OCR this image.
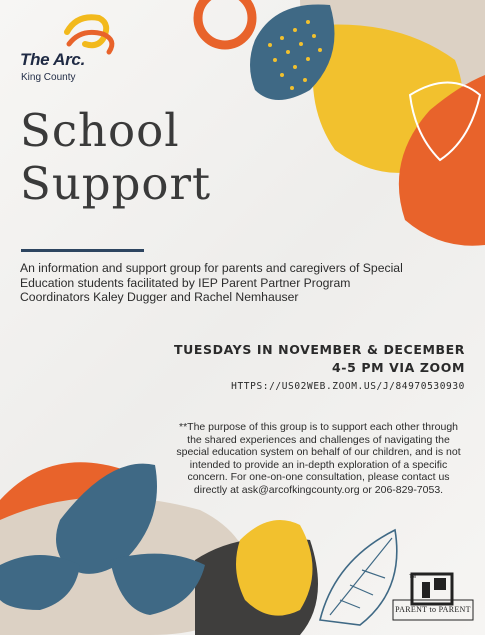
The Arc.
King County
School
Support
An information and support group for parents and caregivers of Special Education students facilitated by IEP Parent Partner Program Coordinators Kaley Dugger and Rachel Nemhauser
TUESDAYS IN NOVEMBER & DECEMBER
4-5 PM VIA ZOOM
HTTPS://US02WEB.ZOOM.US/J/84970530930
**The purpose of this group is to support each other through the shared experiences and challenges of navigating the special education system on behalf of our children, and is not intended to provide an in-depth exploration of a specific concern. For one-on-one consultation, please contact us directly at ask@arcofkingcounty.org or 206-829-7053.
TM
PARENT to PARENT
